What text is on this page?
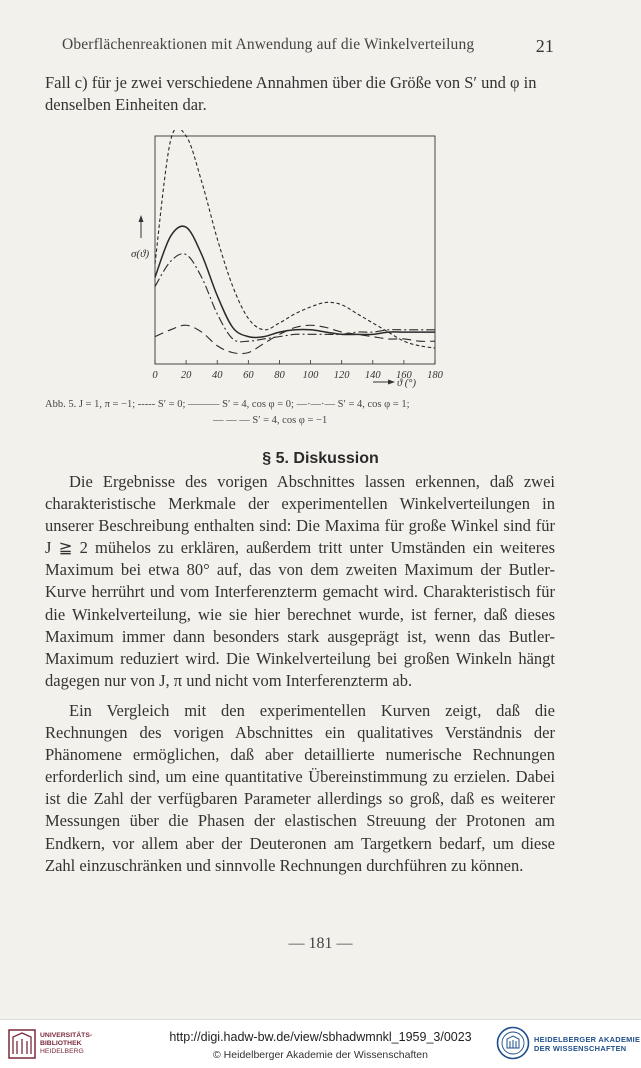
Oberflächenreaktionen mit Anwendung auf die Winkelverteilung	21

Fall c) für je zwei verschiedene Annahmen über die Größe von S′ und φ in denselben Einheiten dar.

0 20 40 60 80 100 120 140 160 180
σ(ϑ)
ϑ (°)
Abb. 5. J = 1, π = −1; ----- S′ = 0; ——— S′ = 4, cos φ = 0; —·—·— S′ = 4, cos φ = 1;
— — — S′ = 4, cos φ = −1
§ 5. Diskussion

Die Ergebnisse des vorigen Abschnittes lassen erkennen, daß zwei charakteristische Merkmale der experimentellen Winkelverteilungen in unserer Beschreibung enthalten sind: Die Maxima für große Winkel sind für J ≧ 2 mühelos zu erklären, außerdem tritt unter Umständen ein weiteres Maximum bei etwa 80° auf, das von dem zweiten Maximum der Butler-Kurve herrührt und vom Interferenzterm gemacht wird. Charakteristisch für die Winkelverteilung, wie sie hier berechnet wurde, ist ferner, daß dieses Maximum immer dann besonders stark ausgeprägt ist, wenn das Butler-Maximum reduziert wird. Die Winkelverteilung bei großen Winkeln hängt dagegen nur von J, π und nicht vom Interferenzterm ab.

Ein Vergleich mit den experimentellen Kurven zeigt, daß die Rechnungen des vorigen Abschnittes ein qualitatives Verständnis der Phänomene ermöglichen, daß aber detaillierte numerische Rechnungen erforderlich sind, um eine quantitative Übereinstimmung zu erzielen. Dabei ist die Zahl der verfügbaren Parameter allerdings so groß, daß es weiterer Messungen über die Phasen der elastischen Streuung der Protonen am Endkern, vor allem aber der Deuteronen am Targetkern bedarf, um diese Zahl einzuschränken und sinnvolle Rechnungen durchführen zu können.

— 181 —
UNIVERSITÄTS-
BIBLIOTHEK
HEIDELBERG
http://digi.hadw-bw.de/view/sbhadwmnkl_1959_3/0023
© Heidelberger Akademie der Wissenschaften
HEIDELBERGER AKADEMIE
DER WISSENSCHAFTEN
